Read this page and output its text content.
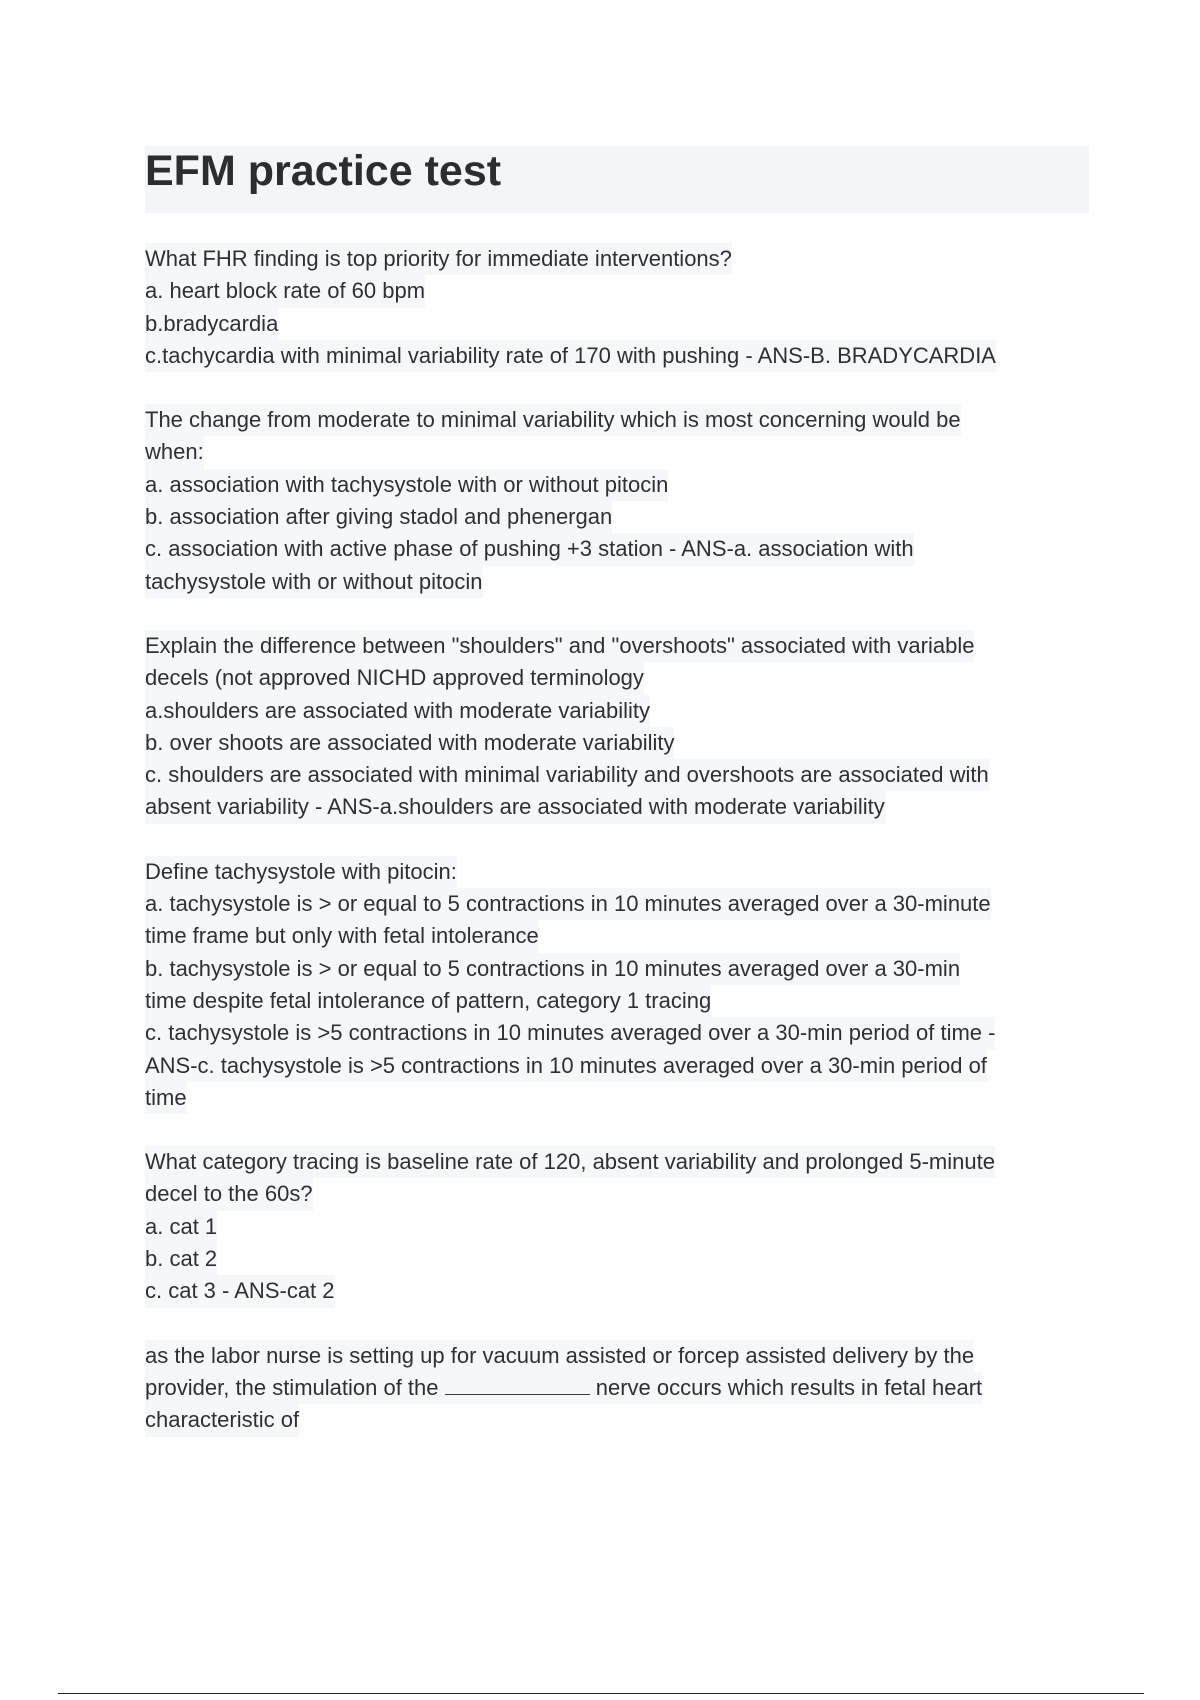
EFM practice test
What FHR finding is top priority for immediate interventions?
a. heart block rate of 60 bpm
b.bradycardia
c.tachycardia with minimal variability rate of 170 with pushing - ANS-B. BRADYCARDIA
The change from moderate to minimal variability which is most concerning would be
when:
a. association with tachysystole with or without pitocin
b. association after giving stadol and phenergan
c. association with active phase of pushing +3 station - ANS-a. association with
tachysystole with or without pitocin
Explain the difference between "shoulders" and "overshoots" associated with variable
decels (not approved NICHD approved terminology
a.shoulders are associated with moderate variability
b. over shoots are associated with moderate variability
c. shoulders are associated with minimal variability and overshoots are associated with
absent variability - ANS-a.shoulders are associated with moderate variability
Define tachysystole with pitocin:
a. tachysystole is > or equal to 5 contractions in 10 minutes averaged over a 30-minute
time frame but only with fetal intolerance
b. tachysystole is > or equal to 5 contractions in 10 minutes averaged over a 30-min
time despite fetal intolerance of pattern, category 1 tracing
c. tachysystole is >5 contractions in 10 minutes averaged over a 30-min period of time -
ANS-c. tachysystole is >5 contractions in 10 minutes averaged over a 30-min period of
time
What category tracing is baseline rate of 120, absent variability and prolonged 5-minute
decel to the 60s?
a. cat 1
b. cat 2
c. cat 3 - ANS-cat 2
as the labor nurse is setting up for vacuum assisted or forcep assisted delivery by the
provider, the stimulation of the	nerve occurs which results in fetal heart
characteristic of
